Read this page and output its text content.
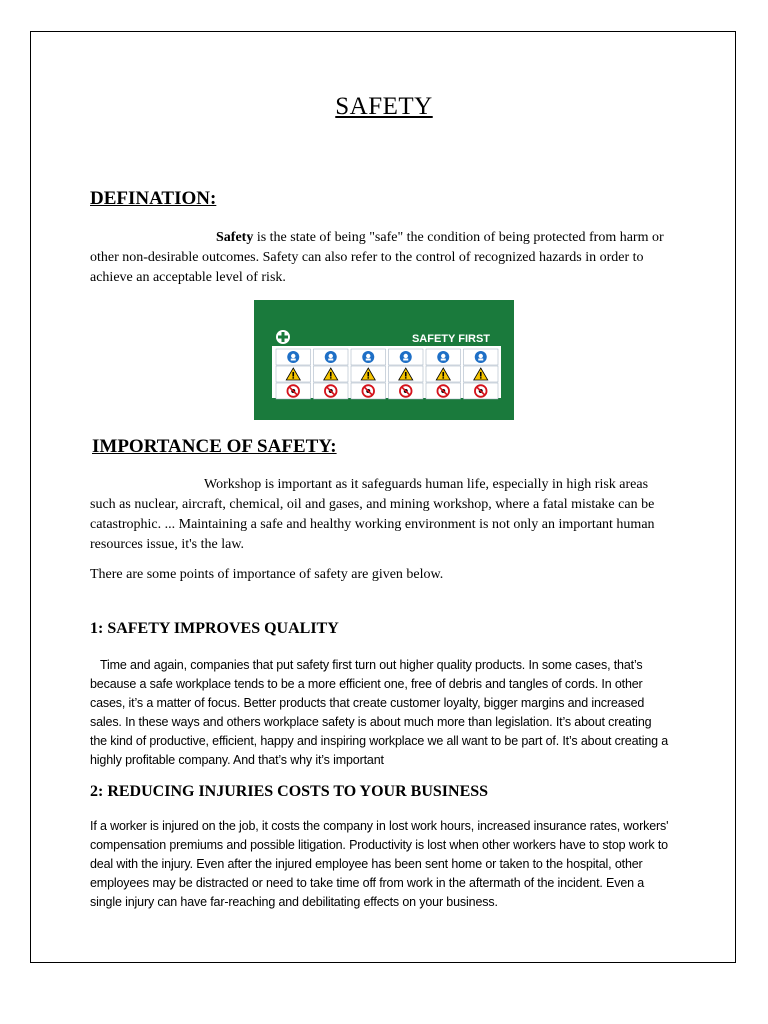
SAFETY
DEFINATION:
Safety is the state of being "safe" the condition of being protected from harm or other non-desirable outcomes. Safety can also refer to the control of recognized hazards in order to achieve an acceptable level of risk.
SAFETY FIRST
IMPORTANCE OF SAFETY:
Workshop is important as it safeguards human life, especially in high risk areas such as nuclear, aircraft, chemical, oil and gases, and mining workshop, where a fatal mistake can be catastrophic. ... Maintaining a safe and healthy working environment is not only an important human resources issue, it's the law.
There are some points of importance of safety are given below.
1: SAFETY IMPROVES QUALITY
Time and again, companies that put safety first turn out higher quality products. In some cases, that’s because a safe workplace tends to be a more efficient one, free of debris and tangles of cords. In other cases, it’s a matter of focus. Better products that create customer loyalty, bigger margins and increased sales. In these ways and others workplace safety is about much more than legislation. It’s about creating the kind of productive, efficient, happy and inspiring workplace we all want to be part of. It’s about creating a highly profitable company. And that’s why it’s important
2: REDUCING INJURIES COSTS TO YOUR BUSINESS
If a worker is injured on the job, it costs the company in lost work hours, increased insurance rates, workers' compensation premiums and possible litigation. Productivity is lost when other workers have to stop work to deal with the injury. Even after the injured employee has been sent home or taken to the hospital, other employees may be distracted or need to take time off from work in the aftermath of the incident. Even a single injury can have far-reaching and debilitating effects on your business.
